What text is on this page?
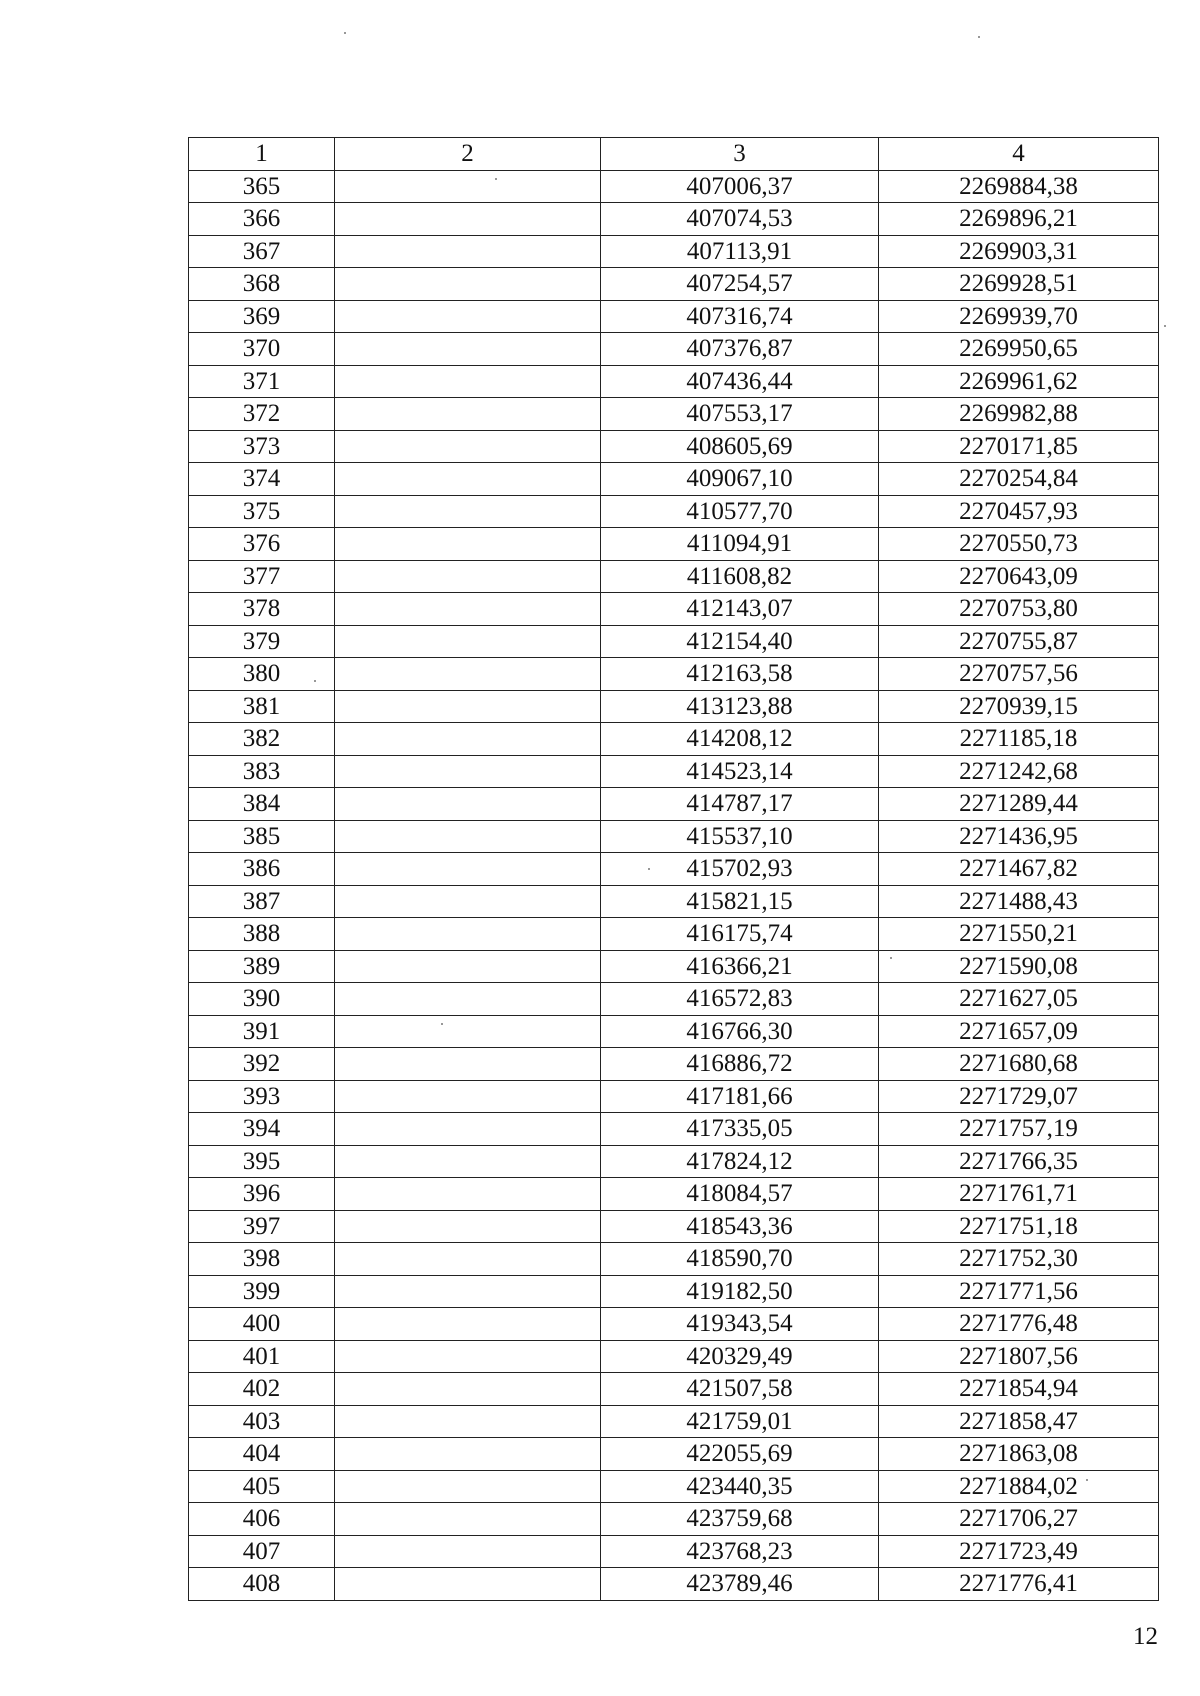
1	2	3	4
365		407006,37	2269884,38
366		407074,53	2269896,21
367		407113,91	2269903,31
368		407254,57	2269928,51
369		407316,74	2269939,70
370		407376,87	2269950,65
371		407436,44	2269961,62
372		407553,17	2269982,88
373		408605,69	2270171,85
374		409067,10	2270254,84
375		410577,70	2270457,93
376		411094,91	2270550,73
377		411608,82	2270643,09
378		412143,07	2270753,80
379		412154,40	2270755,87
380		412163,58	2270757,56
381		413123,88	2270939,15
382		414208,12	2271185,18
383		414523,14	2271242,68
384		414787,17	2271289,44
385		415537,10	2271436,95
386		415702,93	2271467,82
387		415821,15	2271488,43
388		416175,74	2271550,21
389		416366,21	2271590,08
390		416572,83	2271627,05
391		416766,30	2271657,09
392		416886,72	2271680,68
393		417181,66	2271729,07
394		417335,05	2271757,19
395		417824,12	2271766,35
396		418084,57	2271761,71
397		418543,36	2271751,18
398		418590,70	2271752,30
399		419182,50	2271771,56
400		419343,54	2271776,48
401		420329,49	2271807,56
402		421507,58	2271854,94
403		421759,01	2271858,47
404		422055,69	2271863,08
405		423440,35	2271884,02
406		423759,68	2271706,27
407		423768,23	2271723,49
408		423789,46	2271776,41
12
